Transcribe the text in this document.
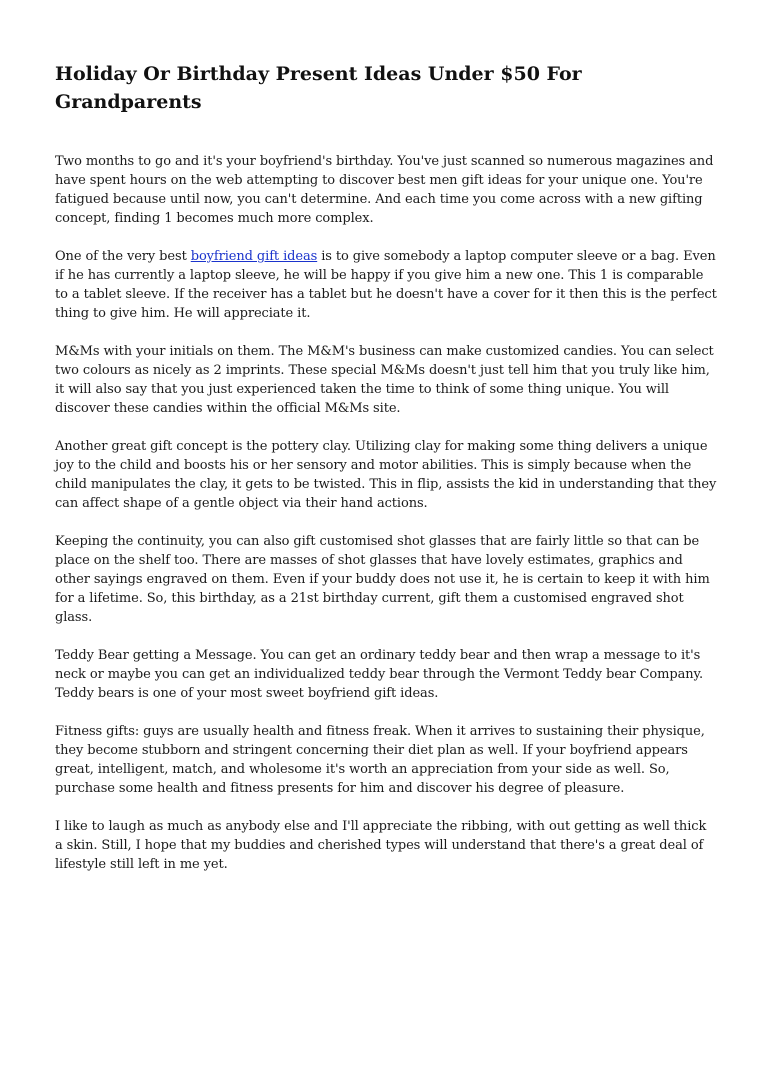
Holiday Or Birthday Present Ideas Under $50 For Grandparents

Two months to go and it's your boyfriend's birthday. You've just scanned so numerous magazines and have spent hours on the web attempting to discover best men gift ideas for your unique one. You're fatigued because until now, you can't determine. And each time you come across with a new gifting concept, finding 1 becomes much more complex.

One of the very best boyfriend gift ideas is to give somebody a laptop computer sleeve or a bag. Even if he has currently a laptop sleeve, he will be happy if you give him a new one. This 1 is comparable to a tablet sleeve. If the receiver has a tablet but he doesn't have a cover for it then this is the perfect thing to give him. He will appreciate it.

M&Ms with your initials on them. The M&M's business can make customized candies. You can select two colours as nicely as 2 imprints. These special M&Ms doesn't just tell him that you truly like him, it will also say that you just experienced taken the time to think of some thing unique. You will discover these candies within the official M&Ms site.

Another great gift concept is the pottery clay. Utilizing clay for making some thing delivers a unique joy to the child and boosts his or her sensory and motor abilities. This is simply because when the child manipulates the clay, it gets to be twisted. This in flip, assists the kid in understanding that they can affect shape of a gentle object via their hand actions.

Keeping the continuity, you can also gift customised shot glasses that are fairly little so that can be place on the shelf too. There are masses of shot glasses that have lovely estimates, graphics and other sayings engraved on them. Even if your buddy does not use it, he is certain to keep it with him for a lifetime. So, this birthday, as a 21st birthday current, gift them a customised engraved shot glass.

Teddy Bear getting a Message. You can get an ordinary teddy bear and then wrap a message to it's neck or maybe you can get an individualized teddy bear through the Vermont Teddy bear Company. Teddy bears is one of your most sweet boyfriend gift ideas.

Fitness gifts: guys are usually health and fitness freak. When it arrives to sustaining their physique, they become stubborn and stringent concerning their diet plan as well. If your boyfriend appears great, intelligent, match, and wholesome it's worth an appreciation from your side as well. So, purchase some health and fitness presents for him and discover his degree of pleasure.

I like to laugh as much as anybody else and I'll appreciate the ribbing, with out getting as well thick a skin. Still, I hope that my buddies and cherished types will understand that there's a great deal of lifestyle still left in me yet.
